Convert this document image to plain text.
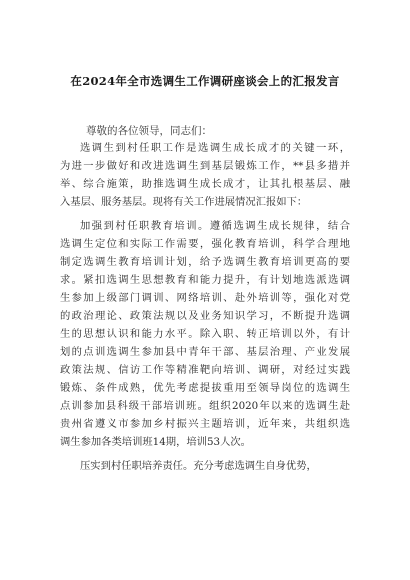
在2024年全市选调生工作调研座谈会上的汇报发言
尊敬的各位领导，同志们：
选调生到村任职工作是选调生成长成才的关键一环，
为进一步做好和改进选调生到基层锻炼工作，**县多措并
举、综合施策，助推选调生成长成才，让其扎根基层、融
入基层、服务基层。现将有关工作进展情况汇报如下：
加强到村任职教育培训。遵循选调生成长规律，结合
选调生定位和实际工作需要，强化教育培训，科学合理地
制定选调生教育培训计划，给予选调生教育培训更高的要
求。紧扣选调生思想教育和能力提升，有计划地选派选调
生参加上级部门调训、网络培训、赴外培训等，强化对党
的政治理论、政策法规以及业务知识学习，不断提升选调
生的思想认识和能力水平。除入职、转正培训以外，有计
划的点训选调生参加县中青年干部、基层治理、产业发展
政策法规、信访工作等精准靶向培训、调研，对经过实践
锻炼、条件成熟，优先考虑提拔重用至领导岗位的选调生
点训参加县科级干部培训班。组织2020年以来的选调生赴
贵州省遵义市参加乡村振兴主题培训，近年来，共组织选
调生参加各类培训班14期，培训53人次。
压实到村任职培养责任。充分考虑选调生自身优势，
